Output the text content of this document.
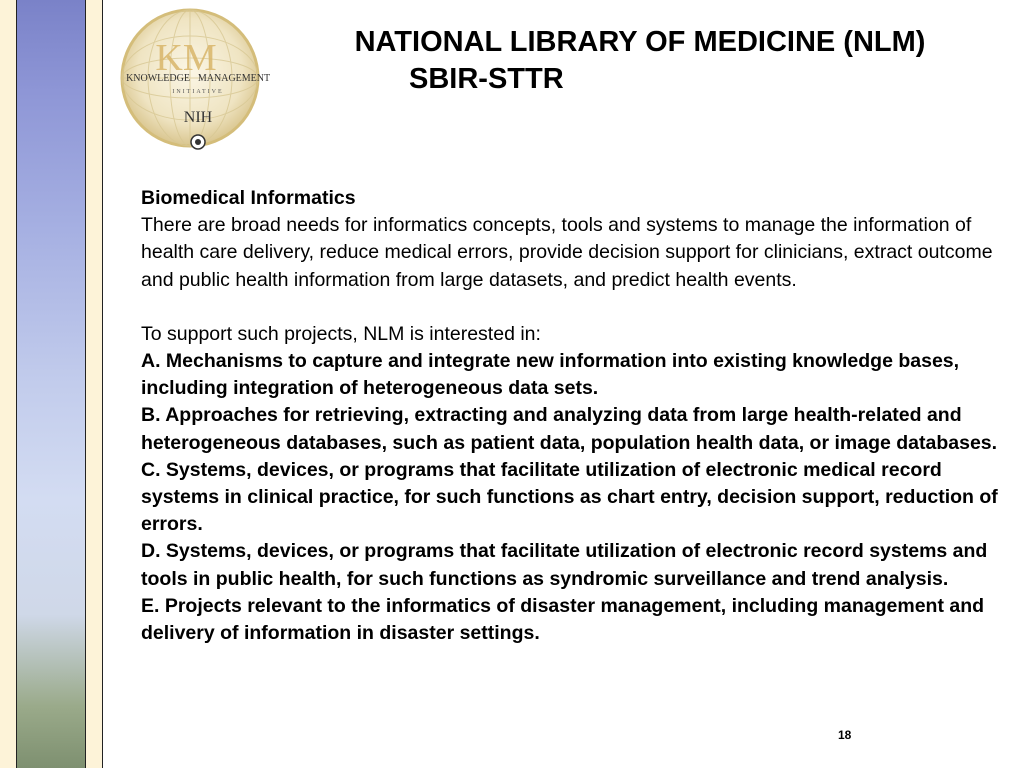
KM
KNOWLEDGE MANAGEMENT
INITIATIVE
NIH
NATIONAL LIBRARY OF MEDICINE (NLM)
SBIR-STTR

Biomedical Informatics

There are broad needs for informatics concepts, tools and systems to manage the information of health care delivery, reduce medical errors, provide decision support for clinicians, extract outcome and public health information from large datasets, and predict health events.

To support such projects, NLM is interested in:

A. Mechanisms to capture and integrate new information into existing knowledge bases, including integration of heterogeneous data sets.

B. Approaches for retrieving, extracting and analyzing data from large health-related and heterogeneous databases, such as patient data, population health data, or image databases.

C. Systems, devices, or programs that facilitate utilization of electronic medical record systems in clinical practice, for such functions as chart entry, decision support, reduction of errors.

D. Systems, devices, or programs that facilitate utilization of electronic record systems and tools in public health, for such functions as syndromic surveillance and trend analysis.

E. Projects relevant to the informatics of disaster management, including management and delivery of information in disaster settings.

18
